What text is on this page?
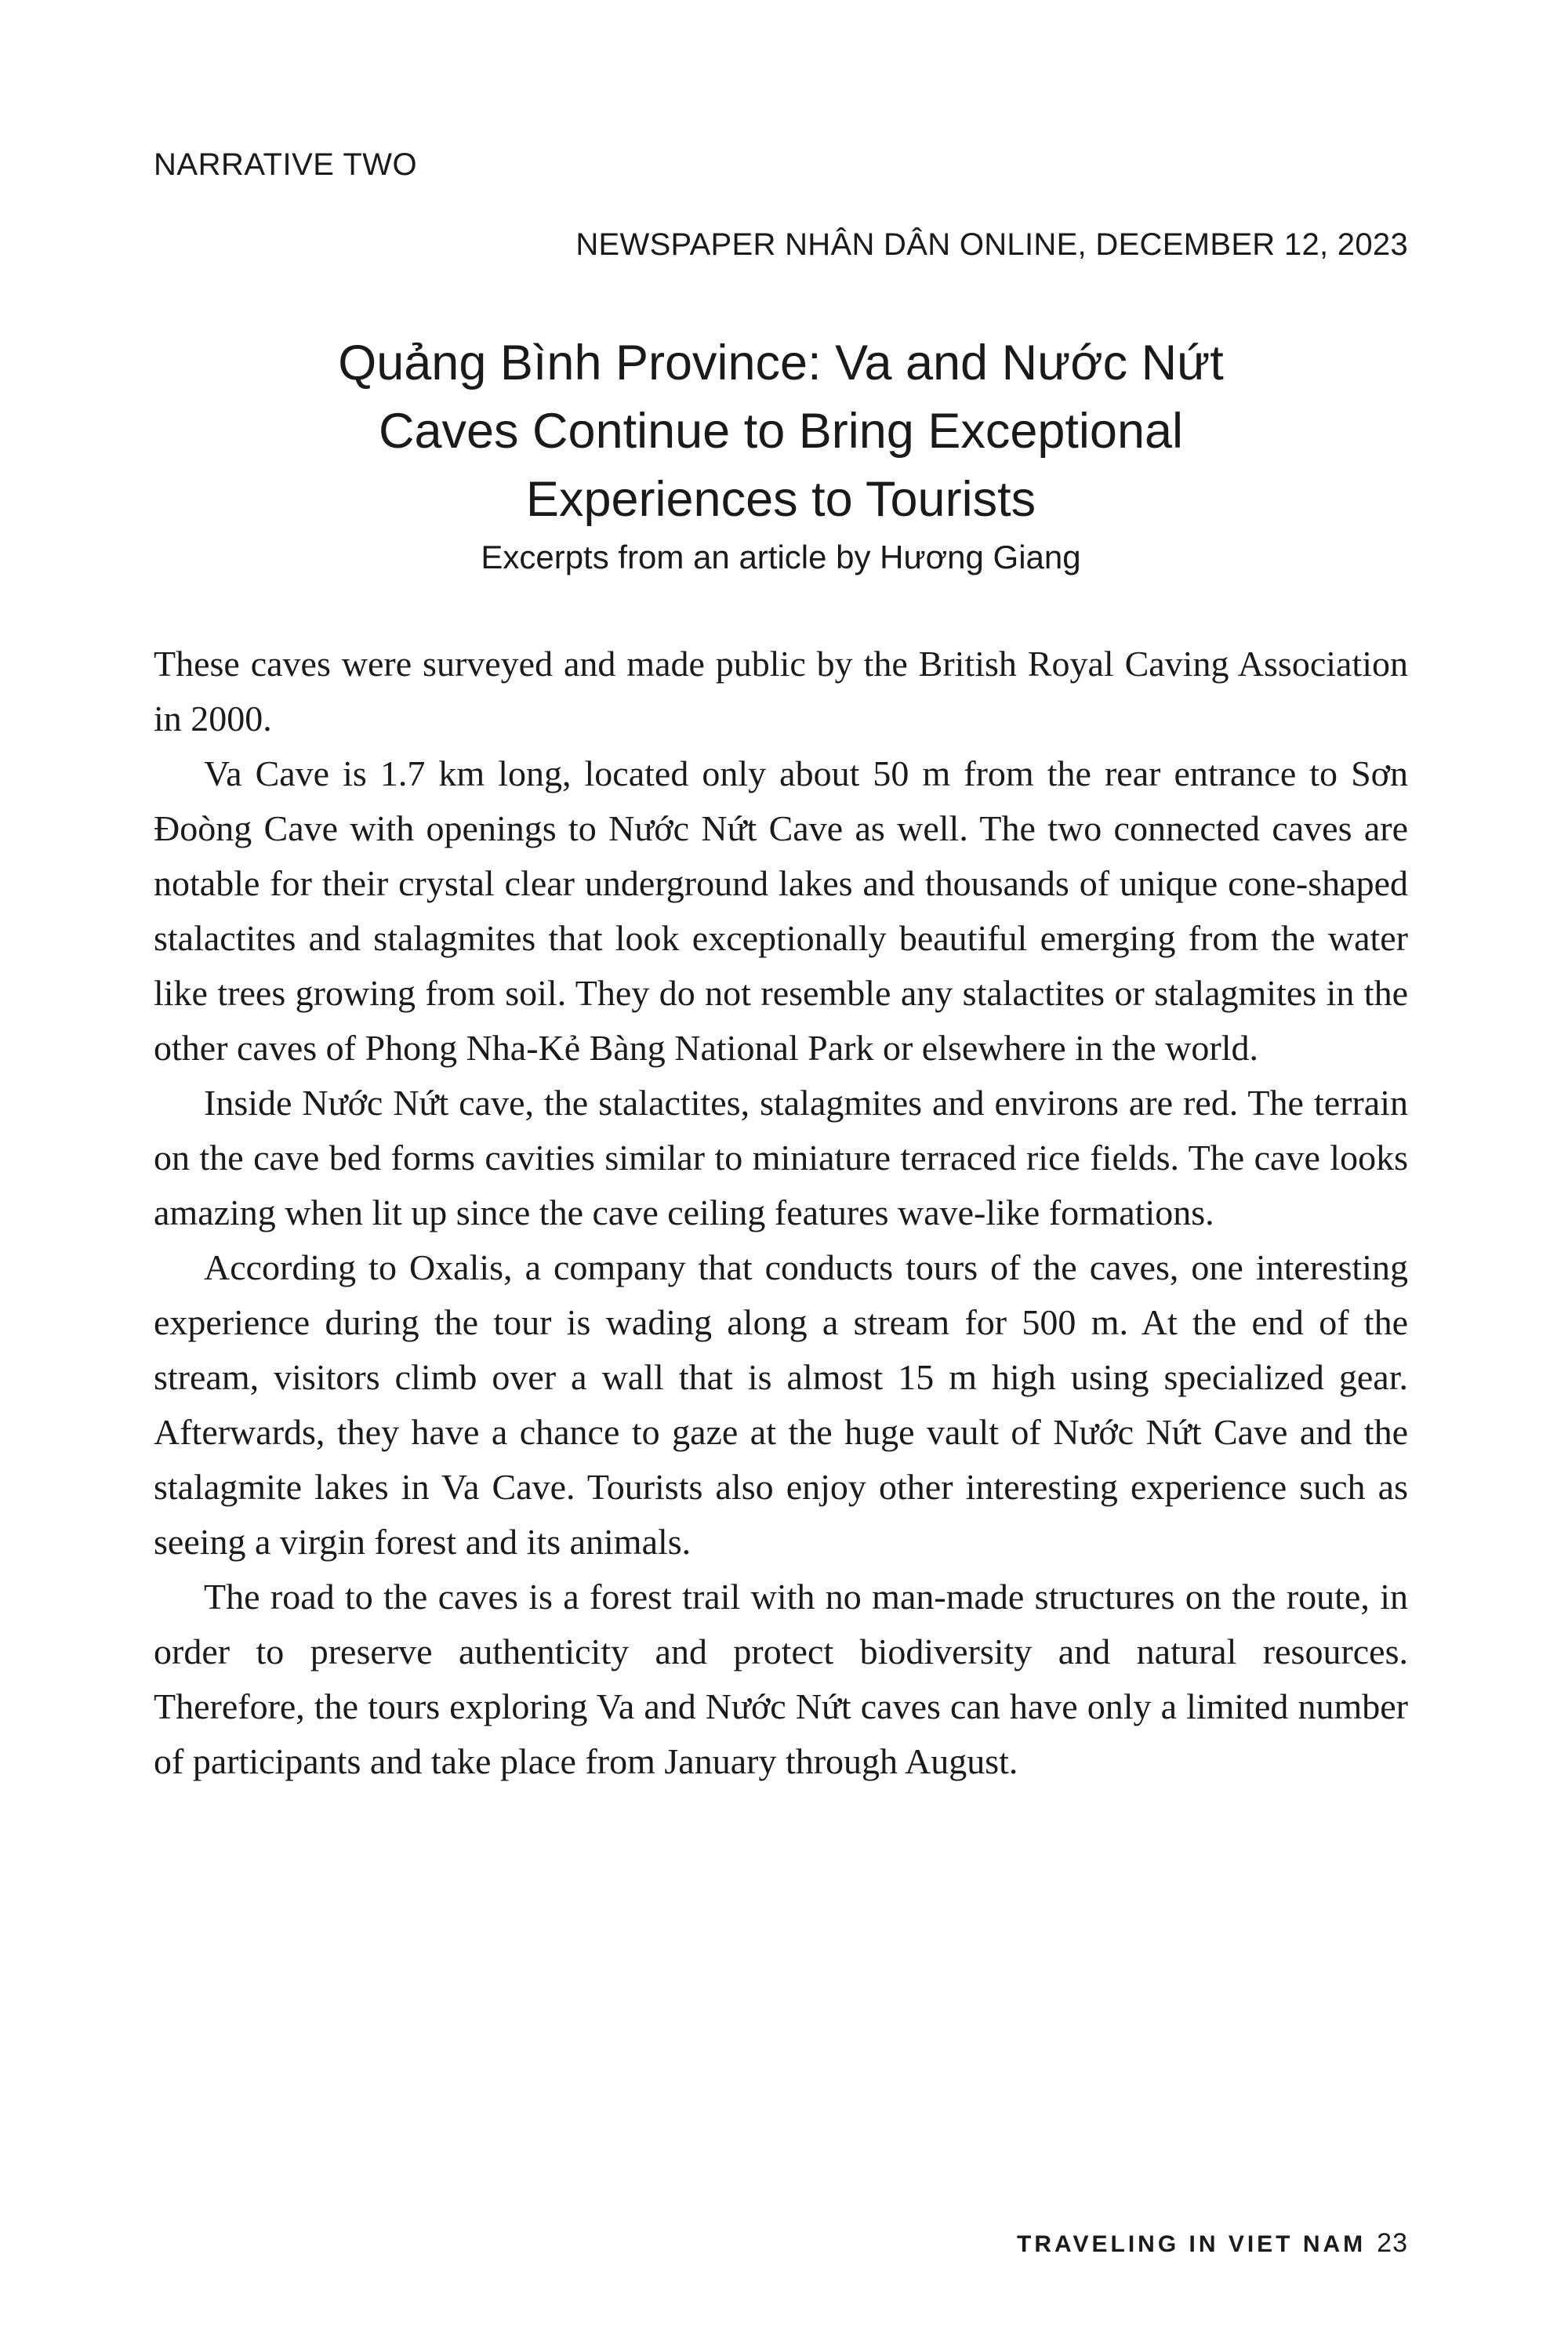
NARRATIVE TWO
NEWSPAPER NHÂN DÂN ONLINE, DECEMBER 12, 2023
Quảng Bình Province: Va and Nước Nứt Caves Continue to Bring Exceptional Experiences to Tourists
Excerpts from an article by Hương Giang

These caves were surveyed and made public by the British Royal Caving Association in 2000.

Va Cave is 1.7 km long, located only about 50 m from the rear entrance to Sơn Đoòng Cave with openings to Nước Nứt Cave as well. The two connected caves are notable for their crystal clear underground lakes and thousands of unique cone-shaped stalactites and stalagmites that look exceptionally beautiful emerging from the water like trees growing from soil. They do not resemble any stalactites or stalagmites in the other caves of Phong Nha-Kẻ Bàng National Park or elsewhere in the world.

Inside Nước Nứt cave, the stalactites, stalagmites and environs are red. The terrain on the cave bed forms cavities similar to miniature terraced rice fields. The cave looks amazing when lit up since the cave ceiling features wave-like formations.

According to Oxalis, a company that conducts tours of the caves, one interesting experience during the tour is wading along a stream for 500 m. At the end of the stream, visitors climb over a wall that is almost 15 m high using specialized gear. Afterwards, they have a chance to gaze at the huge vault of Nước Nứt Cave and the stalagmite lakes in Va Cave. Tourists also enjoy other interesting experience such as seeing a virgin forest and its animals.

The road to the caves is a forest trail with no man-made structures on the route, in order to preserve authenticity and protect biodiversity and natural resources. Therefore, the tours exploring Va and Nước Nứt caves can have only a limited number of participants and take place from January through August.

TRAVELING IN VIET NAM 23
